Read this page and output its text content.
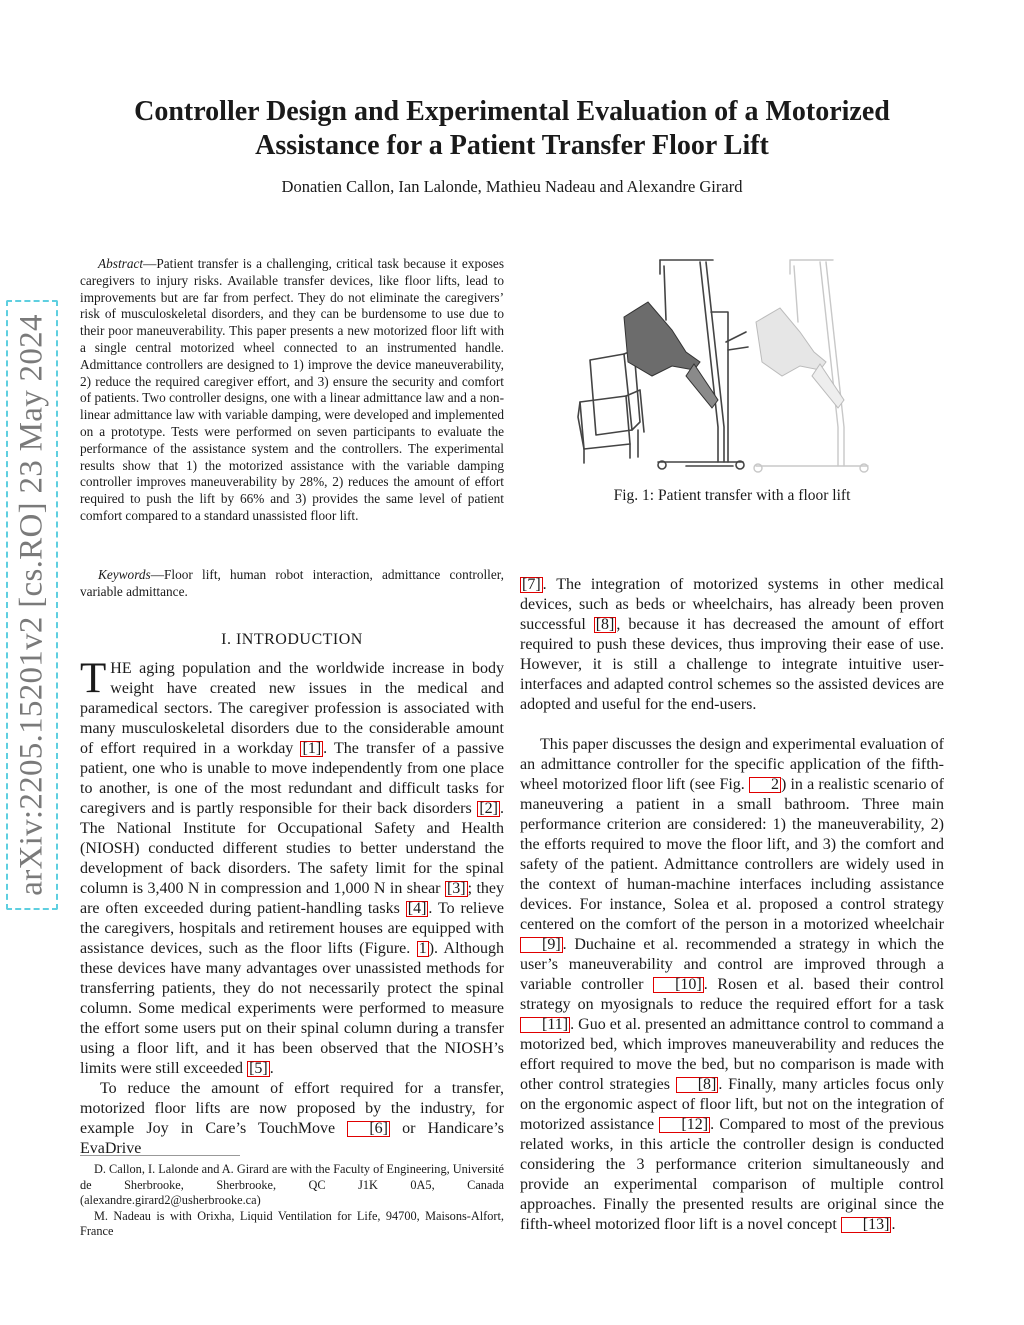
Controller Design and Experimental Evaluation of a Motorized
Assistance for a Patient Transfer Floor Lift
Donatien Callon, Ian Lalonde, Mathieu Nadeau and Alexandre Girard
arXiv:2205.15201v2 [cs.RO] 23 May 2024

Abstract—Patient transfer is a challenging, critical task because it exposes caregivers to injury risks. Available transfer devices, like floor lifts, lead to improvements but are far from perfect. They do not eliminate the caregivers’ risk of musculoskeletal disorders, and they can be burdensome to use due to their poor maneuverability. This paper presents a new motorized floor lift with a single central motorized wheel connected to an instrumented handle. Admittance controllers are designed to 1) improve the device maneuverability, 2) reduce the required caregiver effort, and 3) ensure the security and comfort of patients. Two controller designs, one with a linear admittance law and a non-linear admittance law with variable damping, were developed and implemented on a prototype. Tests were performed on seven participants to evaluate the performance of the assistance system and the controllers. The experimental results show that 1) the motorized assistance with the variable damping controller improves maneuverability by 28%, 2) reduces the amount of effort required to push the lift by 66% and 3) provides the same level of patient comfort compared to a standard unassisted floor lift.

Keywords—Floor lift, human robot interaction, admittance controller, variable admittance.

I. INTRODUCTION

THE aging population and the worldwide increase in body weight have created new issues in the medical and paramedical sectors. The caregiver profession is associated with many musculoskeletal disorders due to the considerable amount of effort required in a workday [1] . The transfer of a passive patient, one who is unable to move independently from one place to another, is one of the most redundant and difficult tasks for caregivers and is partly responsible for their back disorders [2] . The National Institute for Occupational Safety and Health (NIOSH) conducted different studies to better understand the development of back disorders. The safety limit for the spinal column is 3,400 N in compression and 1,000 N in shear [3] ; they are often exceeded during patient-handling tasks [4] . To relieve the caregivers, hospitals and retirement houses are equipped with assistance devices, such as the floor lifts (Figure. 1 ). Although these devices have many advantages over unassisted methods for transferring patients, they do not necessarily protect the spinal column. Some medical experiments were performed to measure the effort some users put on their spinal column during a transfer using a floor lift, and it has been observed that the NIOSH’s limits were still exceeded [5] .

To reduce the amount of effort required for a transfer, motorized floor lifts are now proposed by the industry, for example Joy in Care’s TouchMove [6] or Handicare’s EvaDrive

D. Callon, I. Lalonde and A. Girard are with the Faculty of Engineering, Université de Sherbrooke, Sherbrooke, QC J1K 0A5, Canada (alexandre.girard2@usherbrooke.ca)

M. Nadeau is with Orixha, Liquid Ventilation for Life, 94700, Maisons-Alfort, France

Fig. 1: Patient transfer with a floor lift

[7] . The integration of motorized systems in other medical devices, such as beds or wheelchairs, has already been proven successful [8] , because it has decreased the amount of effort required to push these devices, thus improving their ease of use. However, it is still a challenge to integrate intuitive user-interfaces and adapted control schemes so the assisted devices are adopted and useful for the end-users.

This paper discusses the design and experimental evaluation of an admittance controller for the specific application of the fifth-wheel motorized floor lift (see Fig. 2 ) in a realistic scenario of maneuvering a patient in a small bathroom. Three main performance criterion are considered: 1) the maneuverability, 2) the efforts required to move the floor lift, and 3) the comfort and safety of the patient. Admittance controllers are widely used in the context of human-machine interfaces including assistance devices. For instance, Solea et al. proposed a control strategy centered on the comfort of the person in a motorized wheelchair [9] . Duchaine et al. recommended a strategy in which the user’s maneuverability and control are improved through a variable controller [10] . Rosen et al. based their control strategy on myosignals to reduce the required effort for a task [11] . Guo et al. presented an admittance control to command a motorized bed, which improves maneuverability and reduces the effort required to move the bed, but no comparison is made with other control strategies [8] . Finally, many articles focus only on the ergonomic aspect of floor lift, but not on the integration of motorized assistance [12] . Compared to most of the previous related works, in this article the controller design is conducted considering the 3 performance criterion simultaneously and provide an experimental comparison of multiple control approaches. Finally the presented results are original since the fifth-wheel motorized floor lift is a novel concept [13] .
